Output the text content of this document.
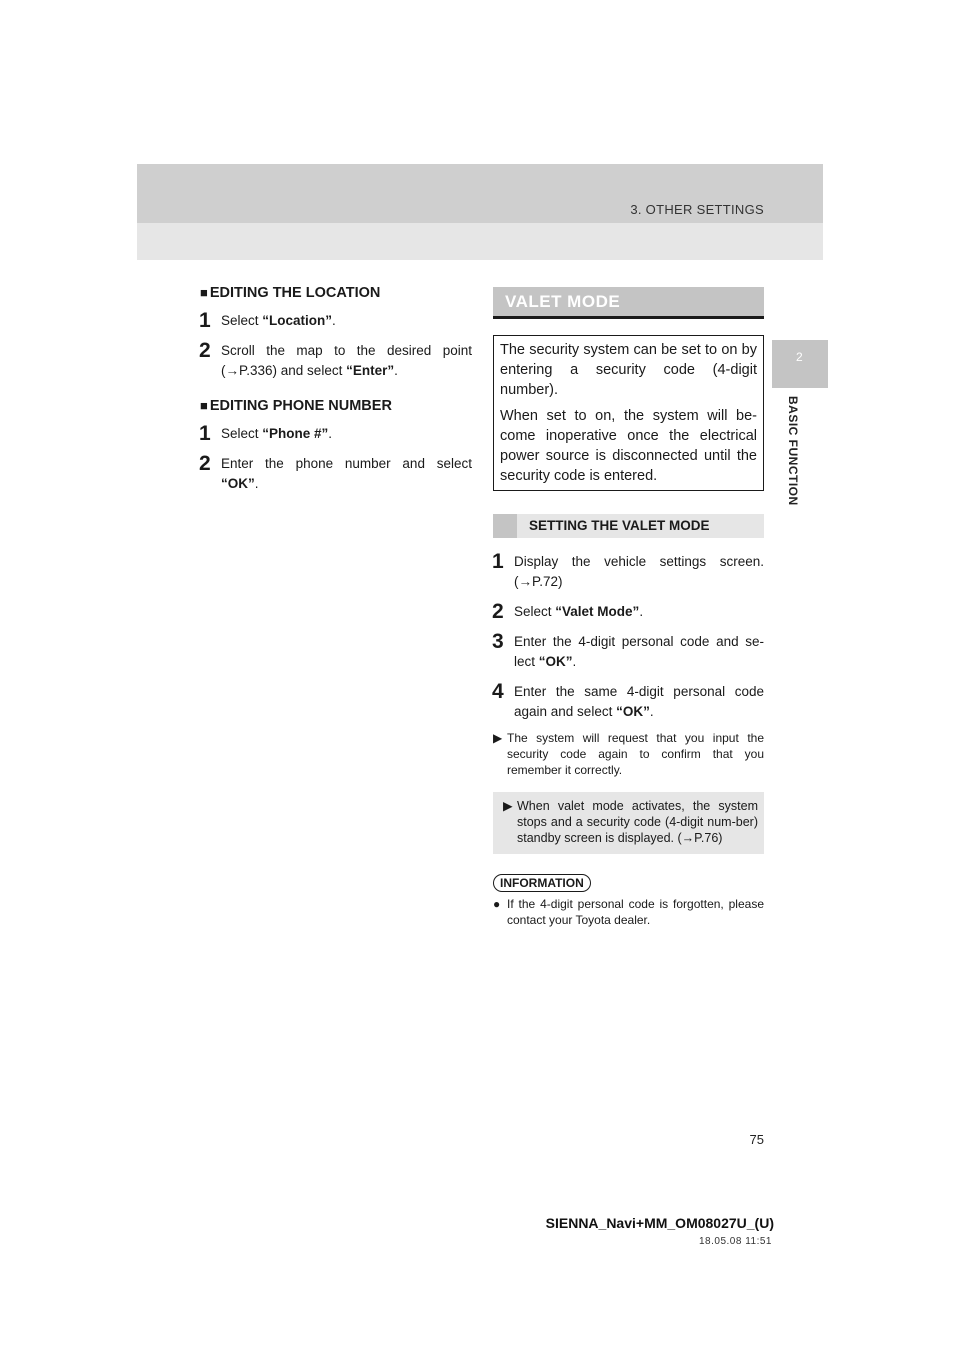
3. OTHER SETTINGS
2
BASIC FUNCTION
■ EDITING THE LOCATION
1 Select “Location”.
2 Scroll the map to the desired point (→P.336) and select “Enter”.
■ EDITING PHONE NUMBER
1 Select “Phone #”.
2 Enter the phone number and select “OK”.
VALET MODE

The security system can be set to on by entering a security code (4-digit number).

When set to on, the system will be-come inoperative once the electrical power source is disconnected until the security code is entered.

SETTING THE VALET MODE
1 Display the vehicle settings screen. (→P.72)
2 Select “Valet Mode”.
3 Enter the 4-digit personal code and se-lect “OK”.
4 Enter the same 4-digit personal code again and select “OK”.
▶ The system will request that you input the security code again to confirm that you remember it correctly.
▶ When valet mode activates, the system stops and a security code (4-digit num-ber) standby screen is displayed. (→P.76)
INFORMATION
● If the 4-digit personal code is forgotten, please contact your Toyota dealer.
75
SIENNA_Navi+MM_OM08027U_(U)
18.05.08 11:51
